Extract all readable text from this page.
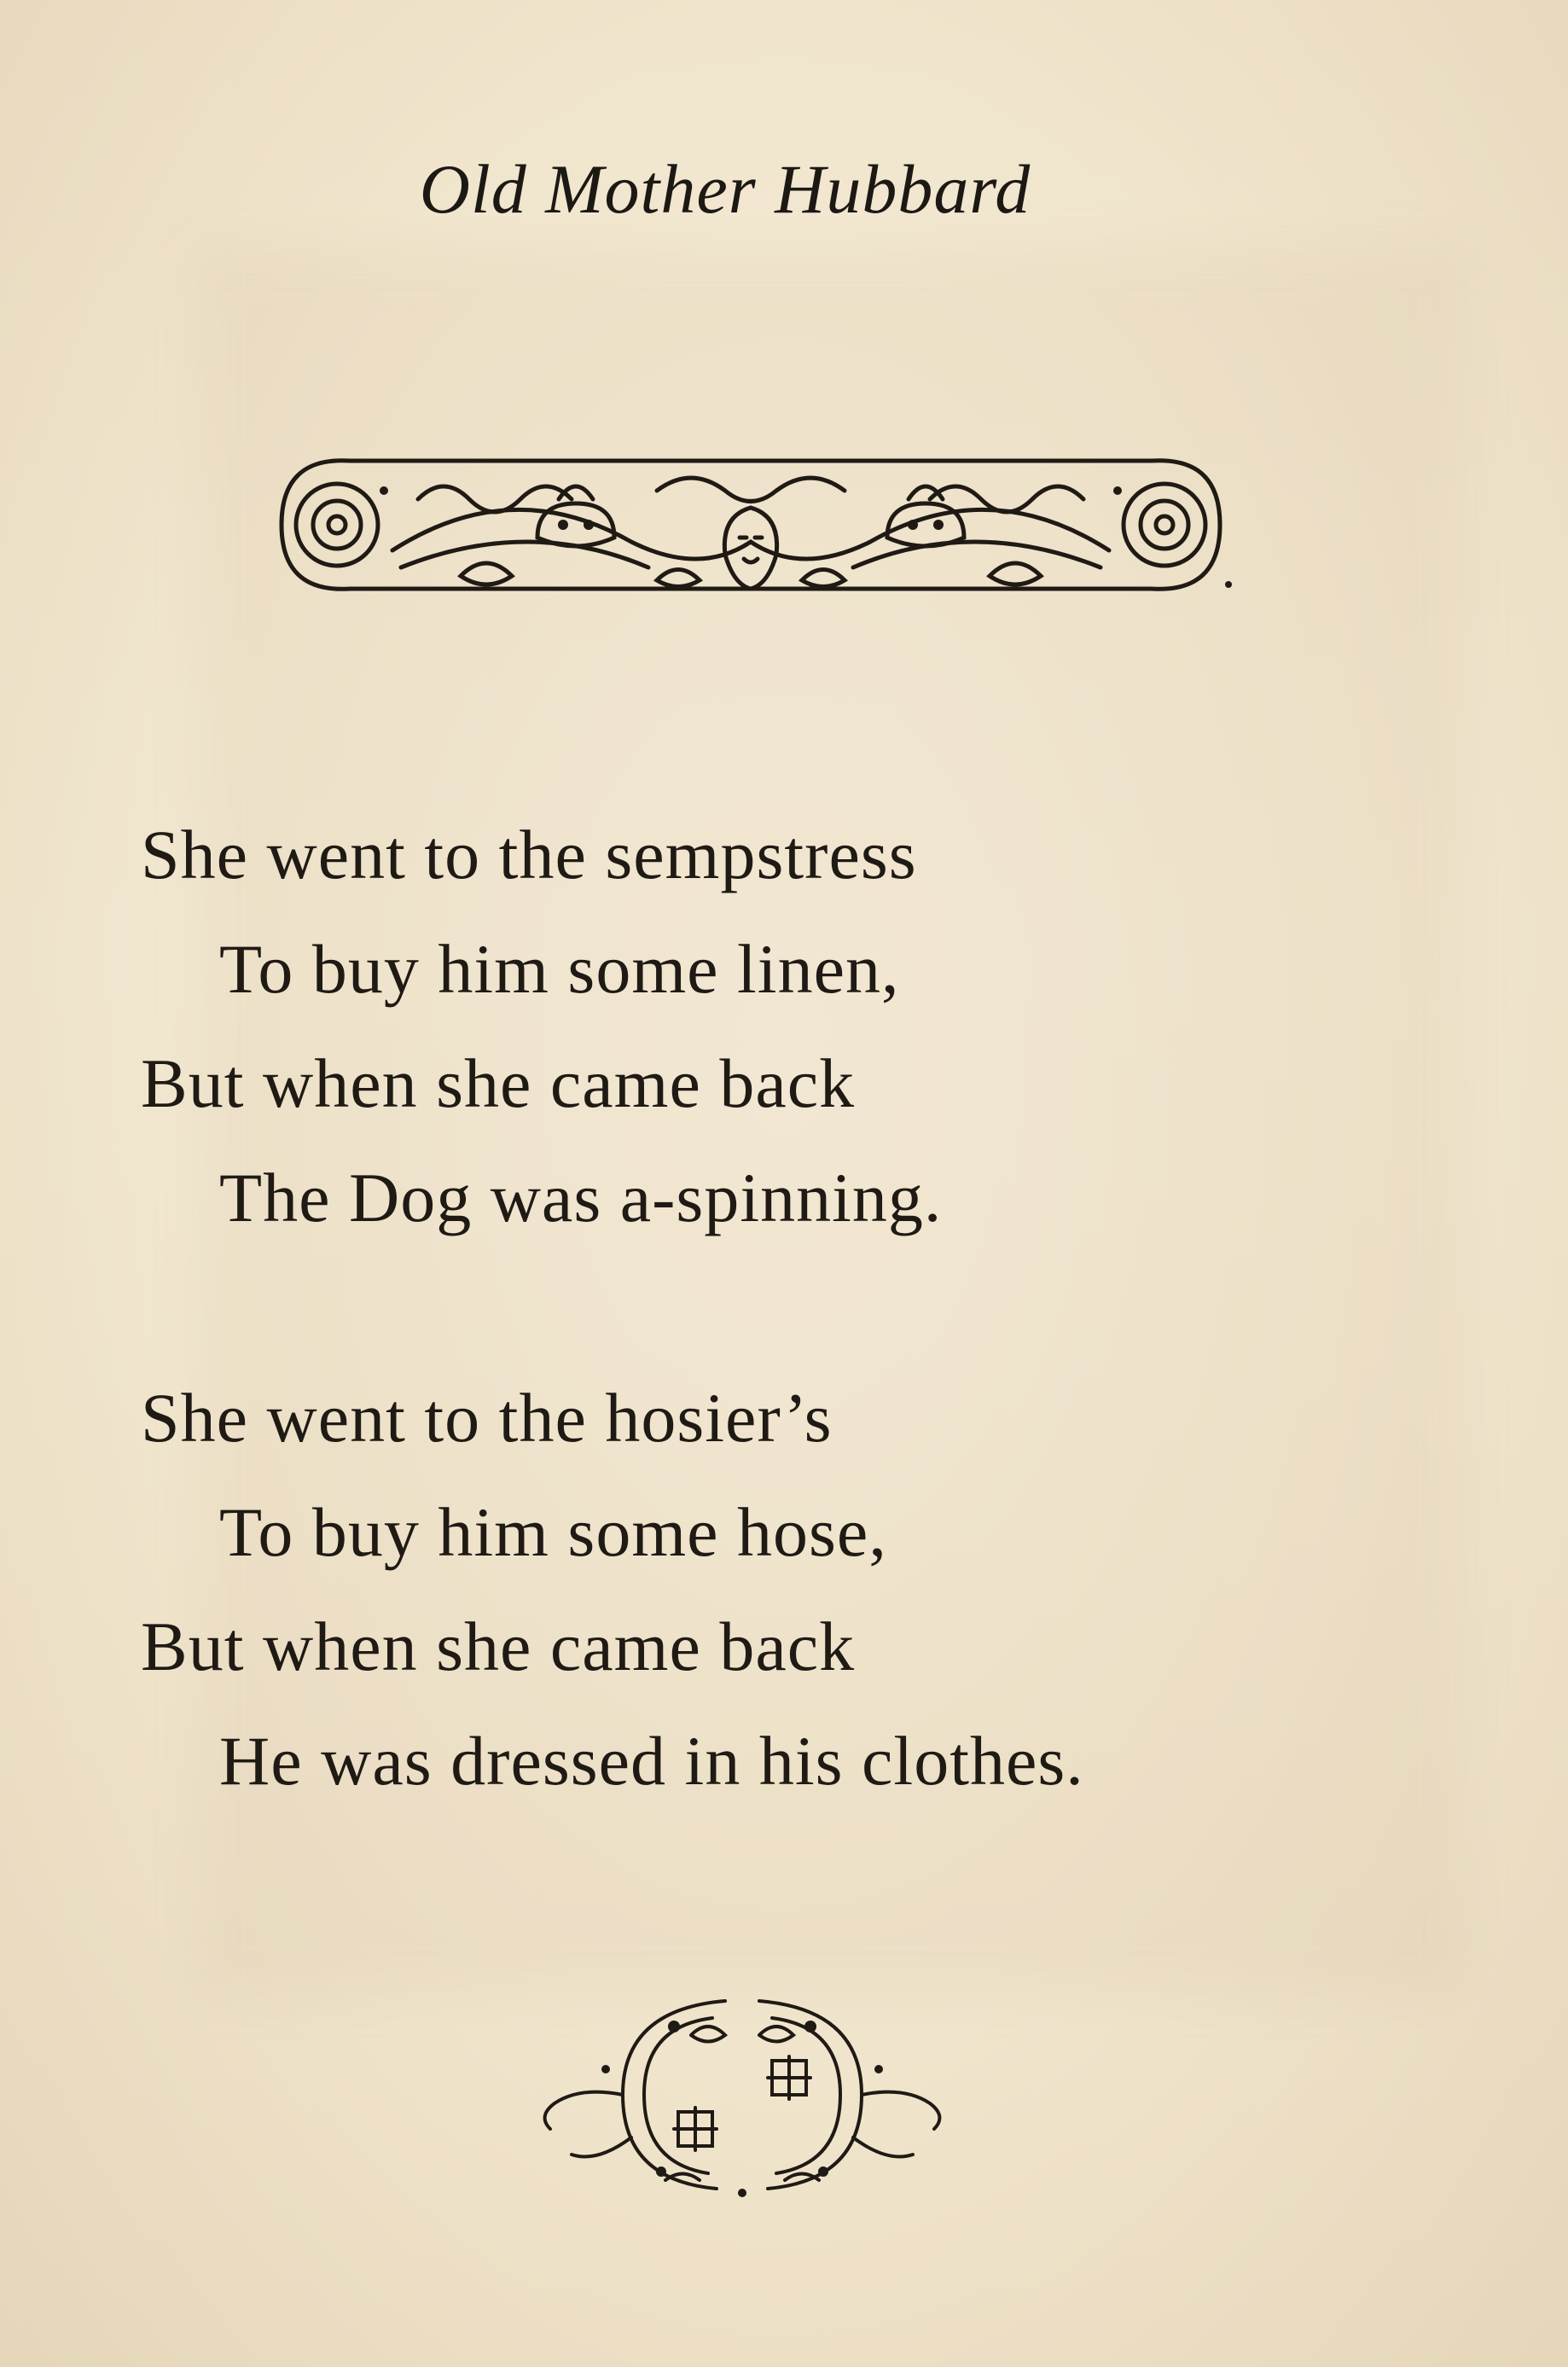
Old Mother Hubbard
She went to the sempstress
To buy him some linen,
But when she came back
The Dog was a-spinning.
She went to the hosier’s
To buy him some hose,
But when she came back
He was dressed in his clothes.
